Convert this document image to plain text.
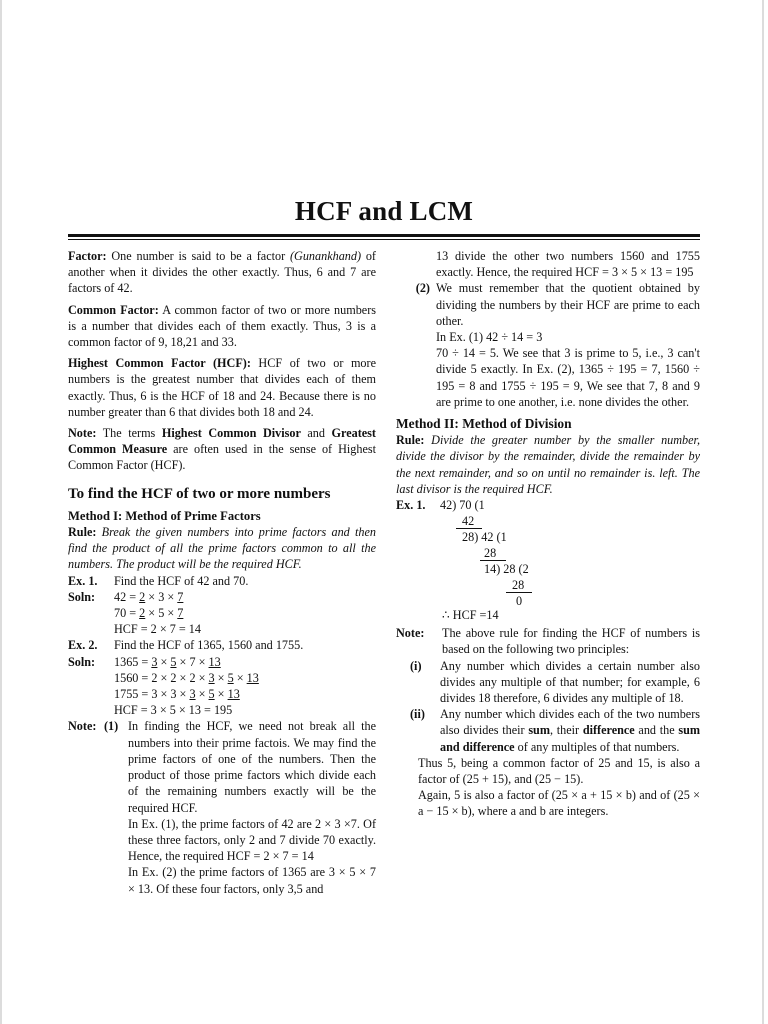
HCF and LCM

Factor: One number is said to be a factor (Gunankhand) of another when it divides the other exactly. Thus, 6 and 7 are factors of 42.

Common Factor: A common factor of two or more numbers is a number that divides each of them exactly. Thus, 3 is a common factor of 9, 18,21 and 33.

Highest Common Factor (HCF): HCF of two or more numbers is the greatest number that divides each of them exactly. Thus, 6 is the HCF of 18 and 24. Because there is no number greater than 6 that divides both 18 and 24.

Note: The terms Highest Common Divisor and Greatest Common Measure are often used in the sense of Highest Common Factor (HCF).

To find the HCF of two or more numbers
Method I: Method of Prime Factors

Rule: Break the given numbers into prime factors and then find the product of all the prime factors common to all the numbers. The product will be the required HCF.

Ex. 1.	Find the HCF of 42 and 70.
Soln:	42 = 2 × 3 × 7
70 = 2 × 5 × 7
HCF = 2 × 7 = 14
Ex. 2.	Find the HCF of 1365, 1560 and 1755.
Soln:	1365 = 3 × 5 × 7 × 13
1560 = 2 × 2 × 2 × 3 × 5 × 13
1755 = 3 × 3 × 3 × 5 × 13
HCF = 3 × 5 × 13 = 195
Note: (1) In finding the HCF, we need not break all the numbers into their prime factois. We may find the prime factors of one of the numbers. Then the product of those prime factors which divide each of the remaining numbers exactly will be the required HCF.

In Ex. (1), the prime factors of 42 are 2 × 3 ×7. Of these three factors, only 2 and 7 divide 70 exactly. Hence, the required HCF = 2 × 7 = 14

In Ex. (2) the prime factors of 1365 are 3 × 5 × 7 × 13. Of these four factors, only 3,5 and

13 divide the other two numbers 1560 and 1755 exactly. Hence, the required HCF = 3 × 5 × 13 = 195

(2) We must remember that the quotient obtained by dividing the numbers by their HCF are prime to each other.

In Ex. (1) 42 ÷ 14 = 3

70 ÷ 14 = 5. We see that 3 is prime to 5, i.e., 3 can't divide 5 exactly. In Ex. (2), 1365 ÷ 195 = 7, 1560 ÷ 195 = 8 and 1755 ÷ 195 = 9, We see that 7, 8 and 9 are prime to one another, i.e. none divides the other.

Method II: Method of Division

Rule: Divide the greater number by the smaller number, divide the divisor by the remainder, divide the remainder by the next remainder, and so on until no remainder is. left. The last divisor is the required HCF.

Ex. 1. 42) 70 (1
42
28) 42 (1
28
14) 28 (2
28
0
∴ HCF =14
Note:	The above rule for finding the HCF of numbers is based on the following two principles:
(i)	Any number which divides a certain number also divides any multiple of that number; for example, 6 divides 18 therefore, 6 divides any multiple of 18.
(ii)	Any number which divides each of the two numbers also divides their sum, their difference and the sum and difference of any multiples of that numbers.

Thus 5, being a common factor of 25 and 15, is also a factor of (25 + 15), and (25 − 15).

Again, 5 is also a factor of (25 × a + 15 × b) and of (25 × a − 15 × b), where a and b are integers.
